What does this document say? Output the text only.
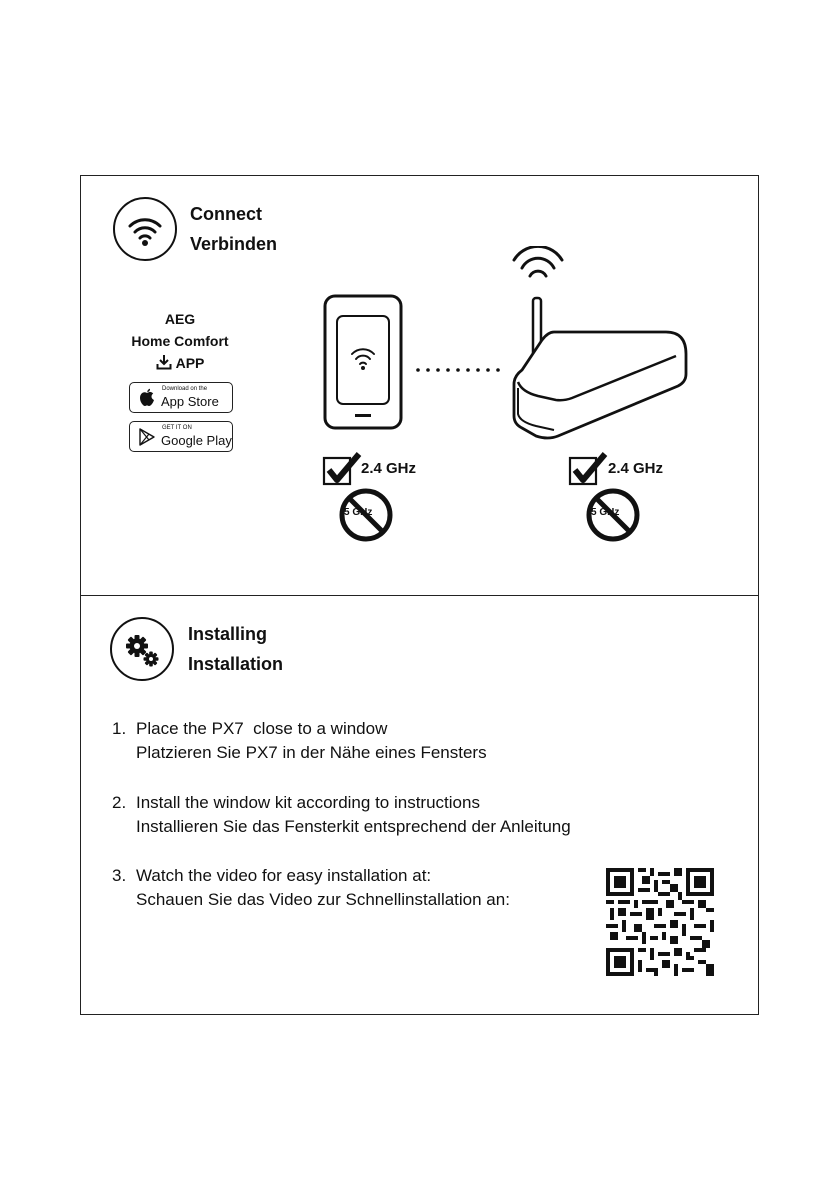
Connect
Verbinden
AEG
Home Comfort
APP
Download on the
App Store
GET IT ON
Google Play
2.4 GHz
5 GHz
2.4 GHz
5 GHz
Installing
Installation
1. Place the PX7  close to a window
Platzieren Sie PX7 in der Nähe eines Fensters
2. Install the window kit according to instructions
Installieren Sie das Fensterkit entsprechend der Anleitung
3. Watch the video for easy installation at:
Schauen Sie das Video zur Schnellinstallation an:
